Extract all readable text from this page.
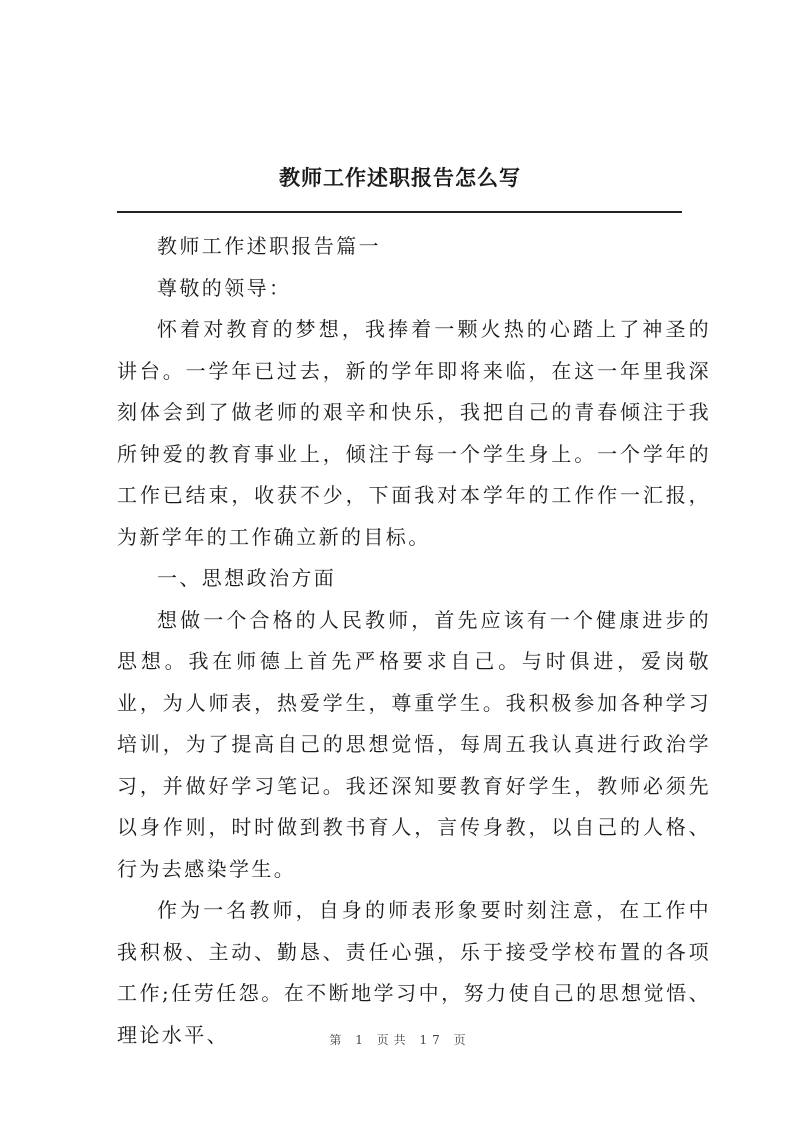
教师工作述职报告怎么写

教师工作述职报告篇一

尊敬的领导：

怀着对教育的梦想，我捧着一颗火热的心踏上了神圣的讲台。一学年已过去，新的学年即将来临，在这一年里我深刻体会到了做老师的艰辛和快乐，我把自己的青春倾注于我所钟爱的教育事业上，倾注于每一个学生身上。一个学年的工作已结束，收获不少，下面我对本学年的工作作一汇报，为新学年的工作确立新的目标。

一、思想政治方面

想做一个合格的人民教师，首先应该有一个健康进步的思想。我在师德上首先严格要求自己。与时俱进，爱岗敬业，为人师表，热爱学生，尊重学生。我积极参加各种学习培训，为了提高自己的思想觉悟，每周五我认真进行政治学习，并做好学习笔记。我还深知要教育好学生，教师必须先以身作则，时时做到教书育人，言传身教，以自己的人格、行为去感染学生。

作为一名教师，自身的师表形象要时刻注意，在工作中我积极、主动、勤恳、责任心强，乐于接受学校布置的各项工作;任劳任怨。在不断地学习中，努力使自己的思想觉悟、理论水平、	第 1 页共 17 页
